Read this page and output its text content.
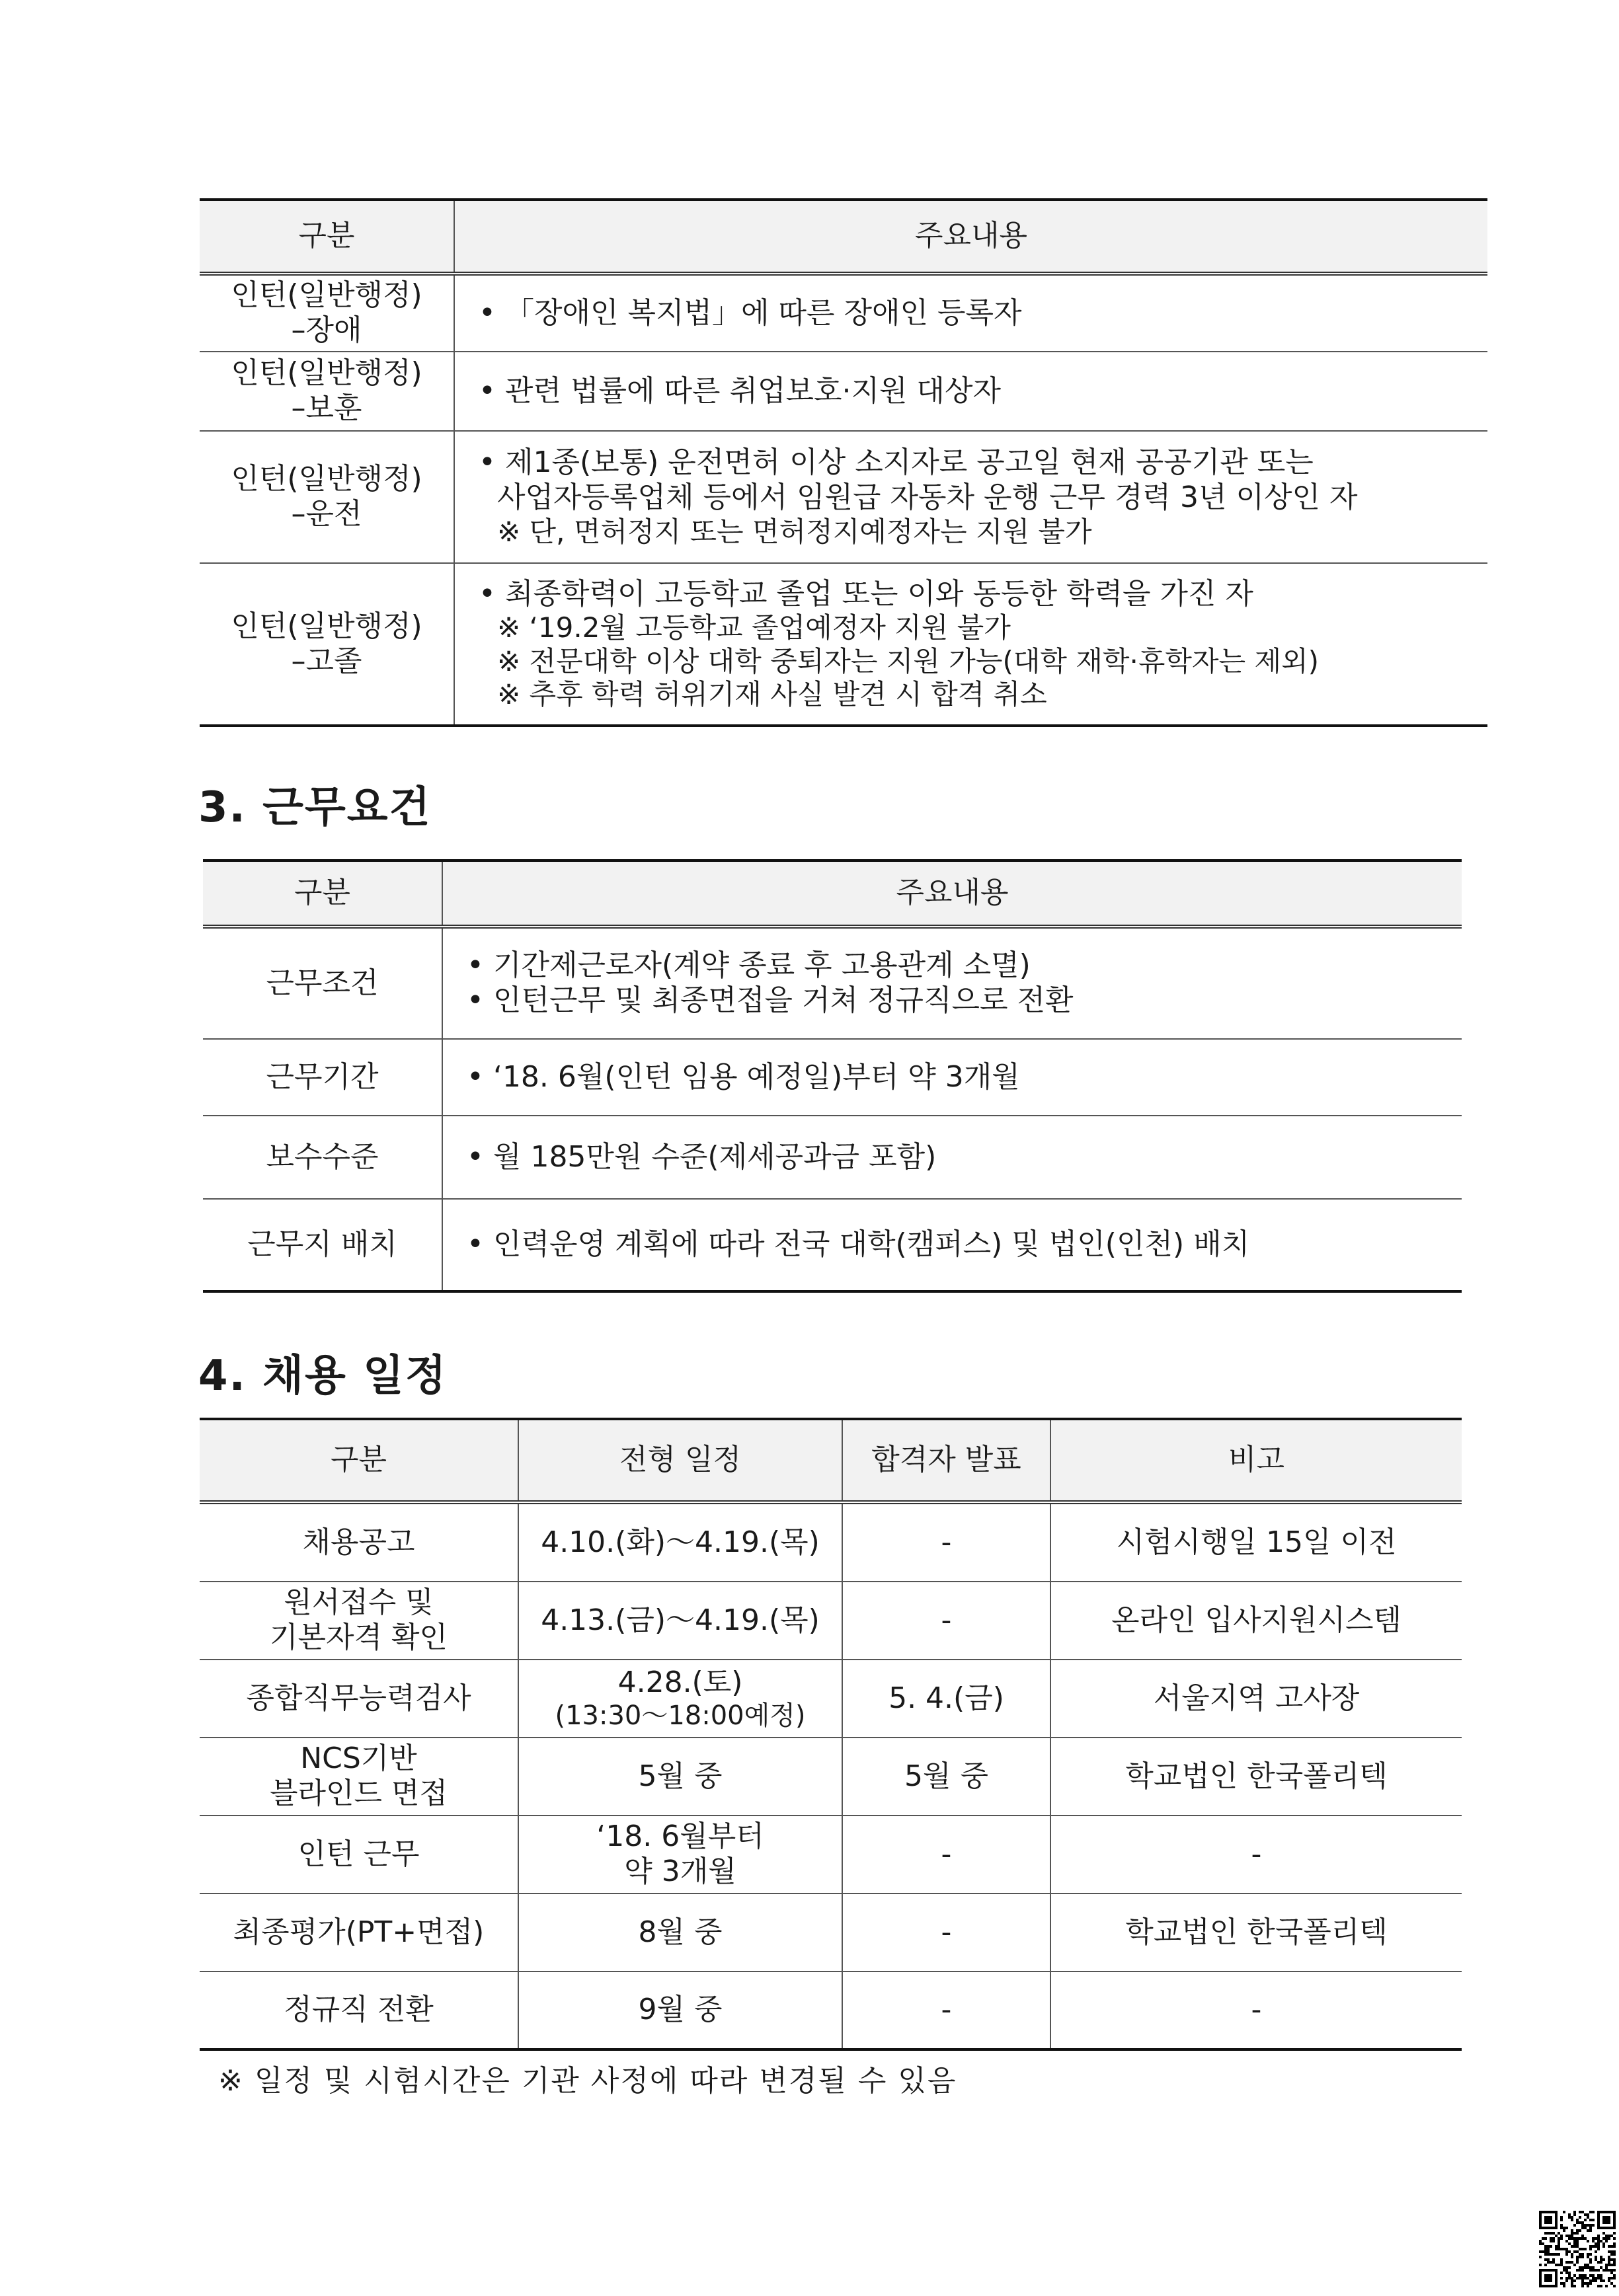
구분	주요내용

인턴(일반행정)
–장애	• 「장애인 복지법」에 따른 장애인 등록자

인턴(일반행정)
–보훈	• 관련 법률에 따른 취업보호·지원 대상자

인턴(일반행정)
–운전	• 제1종(보통) 운전면허 이상 소지자로 공고일 현재 공공기관 또는
사업자등록업체 등에서 임원급 자동차 운행 근무 경력 3년 이상인 자
※ 단, 면허정지 또는 면허정지예정자는 지원 불가

인턴(일반행정)
–고졸	• 최종학력이 고등학교 졸업 또는 이와 동등한 학력을 가진 자
※ ‘19.2월 고등학교 졸업예정자 지원 불가
※ 전문대학 이상 대학 중퇴자는 지원 가능(대학 재학·휴학자는 제외)
※ 추후 학력 허위기재 사실 발견 시 합격 취소
3. 근무요건
구분	주요내용

근무조건	• 기간제근로자(계약 종료 후 고용관계 소멸)
• 인턴근무 및 최종면접을 거쳐 정규직으로 전환

근무기간	• ‘18. 6월(인턴 임용 예정일)부터 약 3개월

보수수준	• 월 185만원 수준(제세공과금 포함)

근무지 배치	• 인력운영 계획에 따라 전국 대학(캠퍼스) 및 법인(인천) 배치
4. 채용 일정
구분	전형 일정	합격자 발표	비고

채용공고	4.10.(화)～4.19.(목)	-	시험시행일 15일 이전

원서접수 및
기본자격 확인	4.13.(금)～4.19.(목)	-	온라인 입사지원시스템

종합직무능력검사	4.28.(토)
(13:30～18:00예정)	5. 4.(금)	서울지역 고사장

NCS기반
블라인드 면접	5월 중	5월 중	학교법인 한국폴리텍

인턴 근무	‘18. 6월부터
약 3개월	-	-

최종평가(PT+면접)	8월 중	-	학교법인 한국폴리텍

정규직 전환	9월 중	-	-

※ 일정 및 시험시간은 기관 사정에 따라 변경될 수 있음
